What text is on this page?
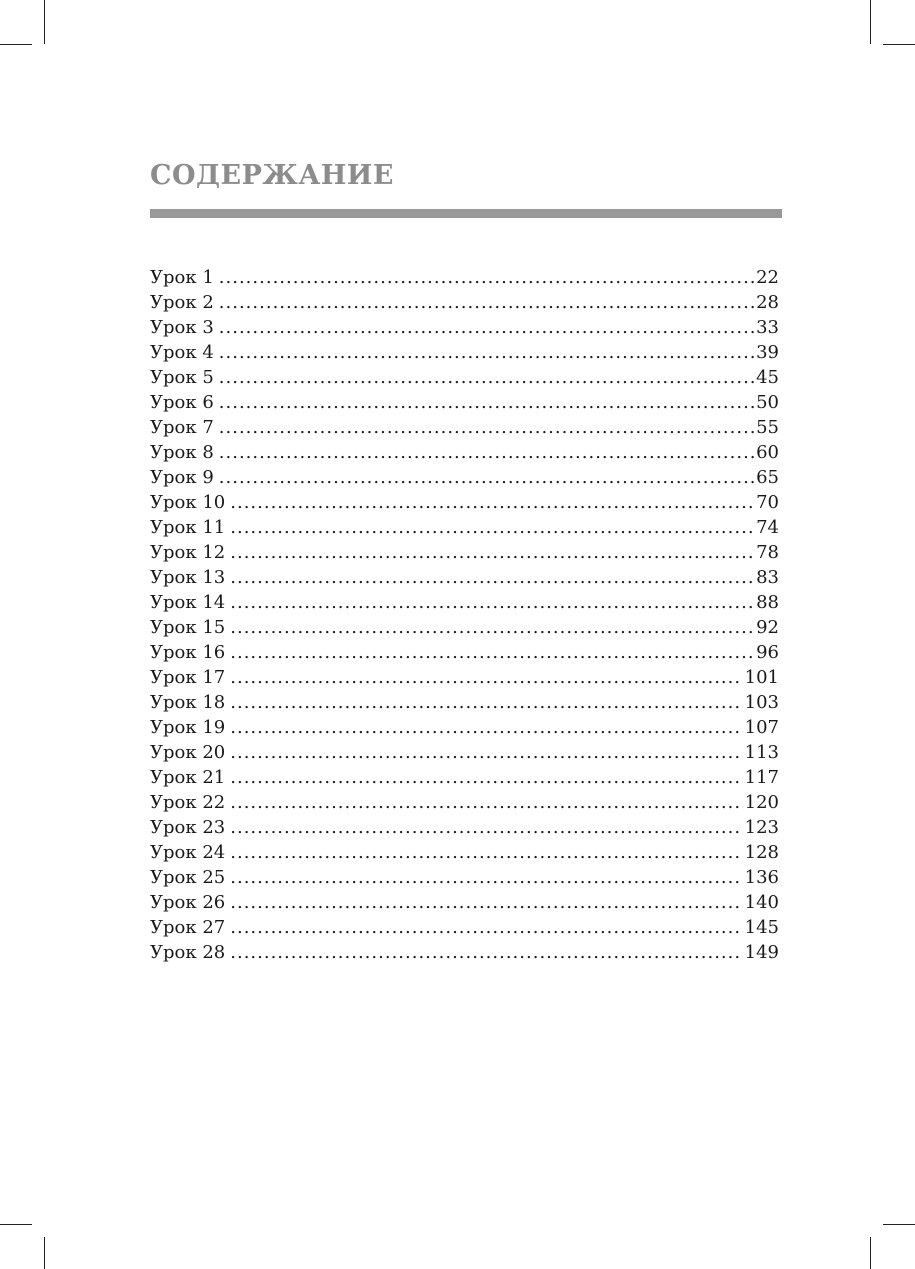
СОДЕРЖАНИЕ
Урок 1 .....	22
Урок 2 .....	28
Урок 3 .....	33
Урок 4 .....	39
Урок 5 .....	45
Урок 6 .....	50
Урок 7 .....	55
Урок 8 .....	60
Урок 9 .....	65
Урок 10 .....	70
Урок 11 .....	74
Урок 12 .....	78
Урок 13 .....	83
Урок 14 .....	88
Урок 15 .....	92
Урок 16 .....	96
Урок 17 .....	101
Урок 18 .....	103
Урок 19 .....	107
Урок 20 .....	113
Урок 21 .....	117
Урок 22 .....	120
Урок 23 .....	123
Урок 24 .....	128
Урок 25 .....	136
Урок 26 .....	140
Урок 27 .....	145
Урок 28 .....	149
